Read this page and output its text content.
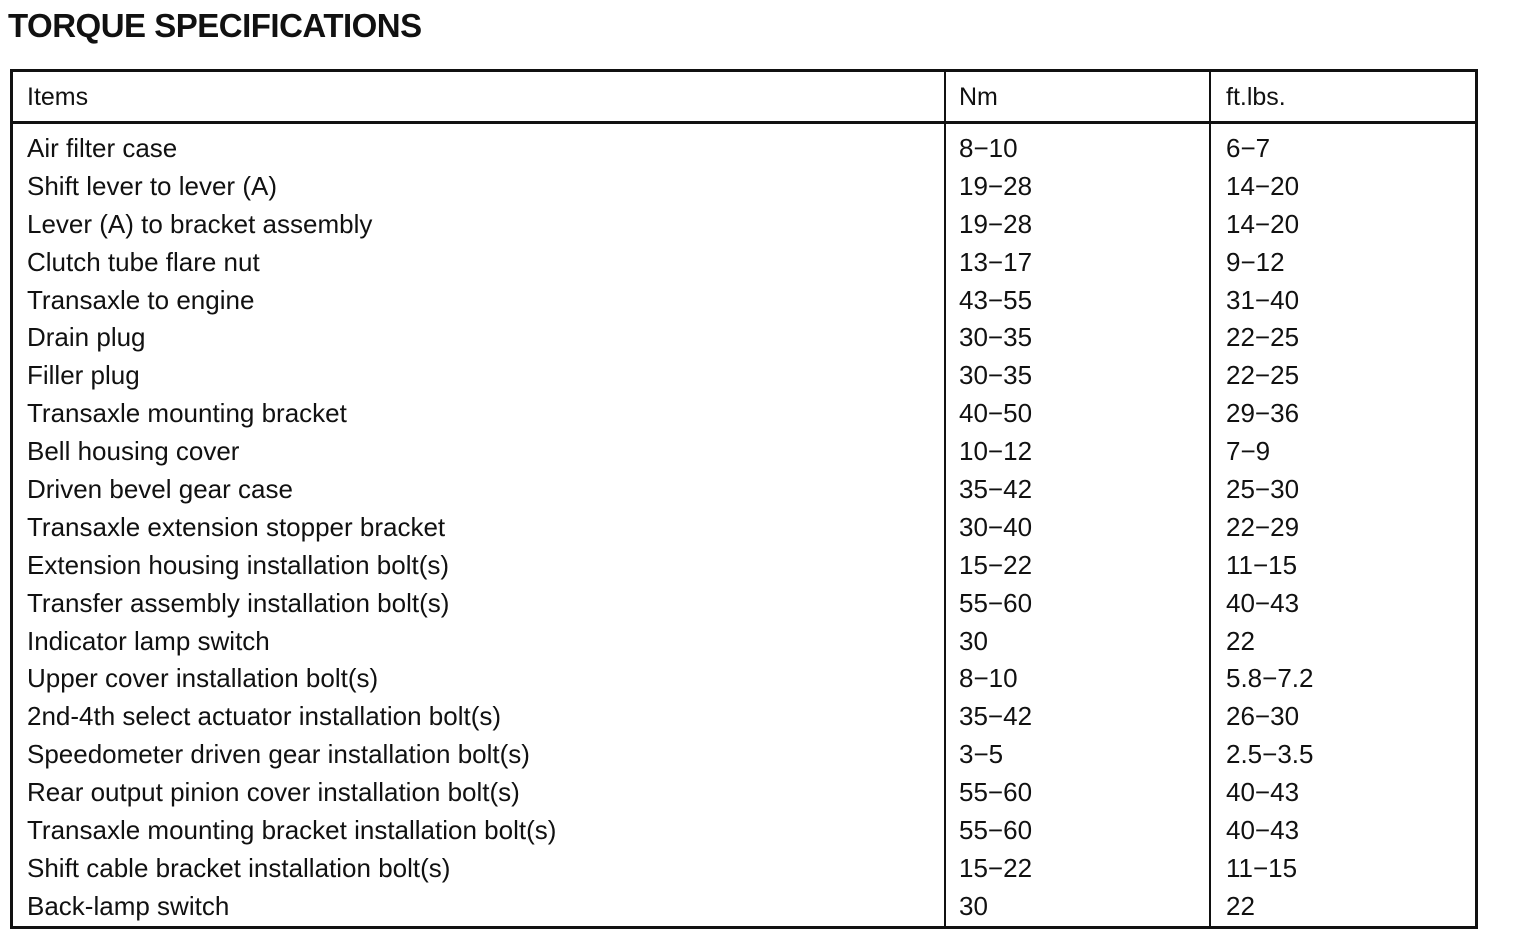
TORQUE SPECIFICATIONS
Items	Nm	ft.lbs.
Air filter case	8−10	6−7
Shift lever to lever (A)	19−28	14−20
Lever (A) to bracket assembly	19−28	14−20
Clutch tube flare nut	13−17	9−12
Transaxle to engine	43−55	31−40
Drain plug	30−35	22−25
Filler plug	30−35	22−25
Transaxle mounting bracket	40−50	29−36
Bell housing cover	10−12	7−9
Driven bevel gear case	35−42	25−30
Transaxle extension stopper bracket	30−40	22−29
Extension housing installation bolt(s)	15−22	11−15
Transfer assembly installation bolt(s)	55−60	40−43
Indicator lamp switch	30	22
Upper cover installation bolt(s)	8−10	5.8−7.2
2nd-4th select actuator installation bolt(s)	35−42	26−30
Speedometer driven gear installation bolt(s)	3−5	2.5−3.5
Rear output pinion cover installation bolt(s)	55−60	40−43
Transaxle mounting bracket installation bolt(s)	55−60	40−43
Shift cable bracket installation bolt(s)	15−22	11−15
Back-lamp switch	30	22
